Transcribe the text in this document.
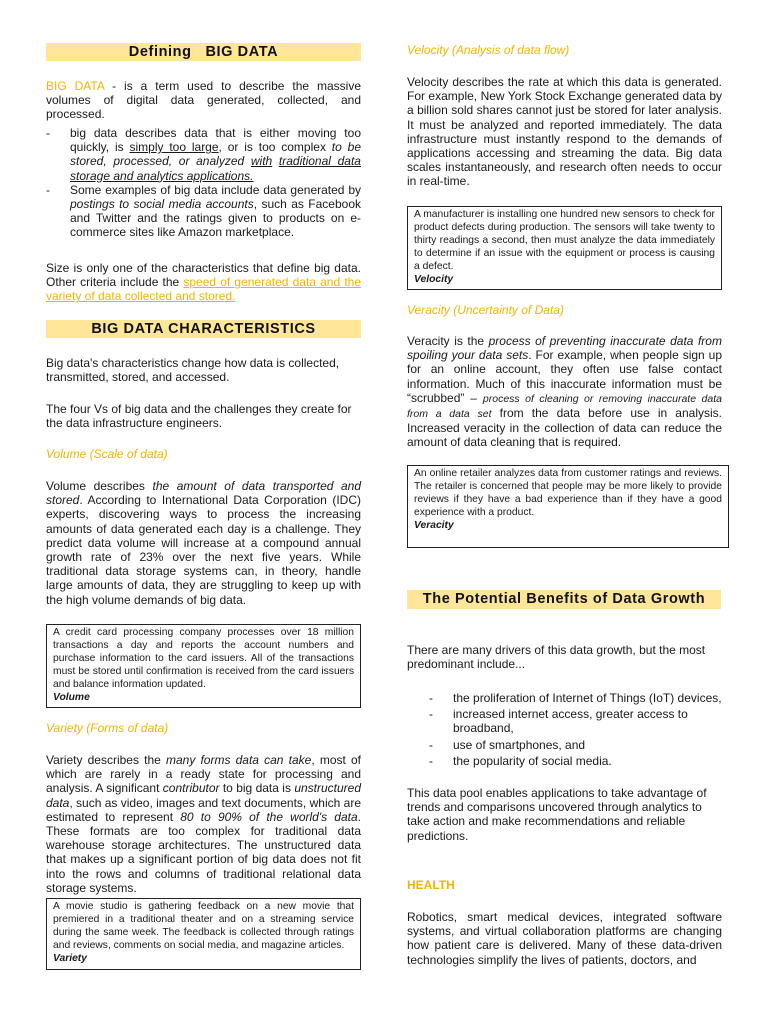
Defining   BIG DATA

BIG DATA - is a term used to describe the massive volumes of digital data generated, collected, and processed.

- big data describes data that is either moving too quickly, is simply too large, or is too complex to be stored, processed, or analyzed with traditional data storage and analytics applications.
- Some examples of big data include data generated by postings to social media accounts, such as Facebook and Twitter and the ratings given to products on e-commerce sites like Amazon marketplace.

Size is only one of the characteristics that define big data. Other criteria include the speed of generated data and the variety of data collected and stored.

BIG DATA CHARACTERISTICS

Big data's characteristics change how data is collected, transmitted, stored, and accessed.

The four Vs of big data and the challenges they create for the data infrastructure engineers.

Volume (Scale of data)

Volume describes the amount of data transported and stored. According to International Data Corporation (IDC) experts, discovering ways to process the increasing amounts of data generated each day is a challenge. They predict data volume will increase at a compound annual growth rate of 23% over the next five years. While traditional data storage systems can, in theory, handle large amounts of data, they are struggling to keep up with the high volume demands of big data.

A credit card processing company processes over 18 million transactions a day and reports the account numbers and purchase information to the card issuers. All of the transactions must be stored until confirmation is received from the card issuers and balance information updated.
Volume
Variety (Forms of data)

Variety describes the many forms data can take, most of which are rarely in a ready state for processing and analysis. A significant contributor to big data is unstructured data, such as video, images and text documents, which are estimated to represent 80 to 90% of the world's data. These formats are too complex for traditional data warehouse storage architectures. The unstructured data that makes up a significant portion of big data does not fit into the rows and columns of traditional relational data storage systems.

A movie studio is gathering feedback on a new movie that premiered in a traditional theater and on a streaming service during the same week. The feedback is collected through ratings and reviews, comments on social media, and magazine articles.
Variety
Velocity (Analysis of data flow)

Velocity describes the rate at which this data is generated. For example, New York Stock Exchange generated data by a billion sold shares cannot just be stored for later analysis. It must be analyzed and reported immediately. The data infrastructure must instantly respond to the demands of applications accessing and streaming the data. Big data scales instantaneously, and research often needs to occur in real-time.

A manufacturer is installing one hundred new sensors to check for product defects during production. The sensors will take twenty to thirty readings a second, then must analyze the data immediately to determine if an issue with the equipment or process is causing a defect.
Velocity
Veracity (Uncertainty of Data)

Veracity is the process of preventing inaccurate data from spoiling your data sets. For example, when people sign up for an online account, they often use false contact information. Much of this inaccurate information must be “scrubbed” – process of cleaning or removing inaccurate data from a data set from the data before use in analysis. Increased veracity in the collection of data can reduce the amount of data cleaning that is required.

An online retailer analyzes data from customer ratings and reviews. The retailer is concerned that people may be more likely to provide reviews if they have a bad experience than if they have a good experience with a product.
Veracity
The Potential Benefits of Data Growth

There are many drivers of this data growth, but the most predominant include...

- the proliferation of Internet of Things (IoT) devices,
- increased internet access, greater access to broadband,
- use of smartphones, and
- the popularity of social media.

This data pool enables applications to take advantage of trends and comparisons uncovered through analytics to take action and make recommendations and reliable predictions.

HEALTH

Robotics, smart medical devices, integrated software systems, and virtual collaboration platforms are changing how patient care is delivered. Many of these data-driven technologies simplify the lives of patients, doctors, and
